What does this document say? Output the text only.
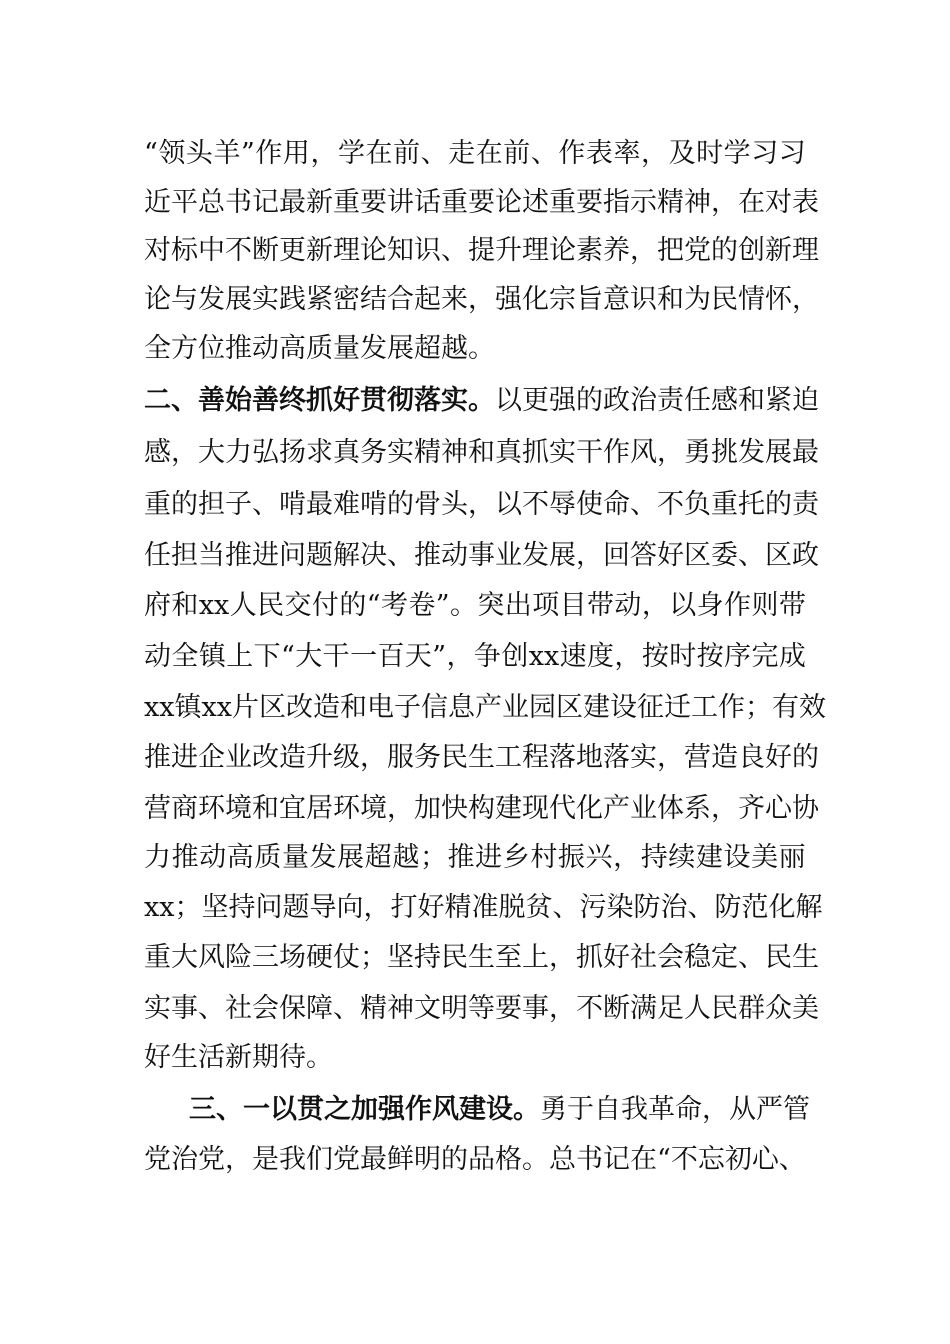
“ 领 头 羊 ” 作 用 ， 学 在 前 、 走 在 前 、 作 表 率 ， 及 时 学 习 习
近 平 总 书 记 最 新 重 要 讲 话 重 要 论 述 重 要 指 示 精 神 ， 在 对 表
对 标 中 不 断 更 新 理 论 知 识 、 提 升 理 论 素 养 ， 把 党 的 创 新 理
论 与 发 展 实 践 紧 密 结 合 起 来 ， 强 化 宗 旨 意 识 和 为 民 情 怀 ，
全 方 位 推 动 高 质 量 发 展 超 越 。
二 、 善 始 善 终 抓 好 贯 彻 落 实 。 以 更 强 的 政 治 责 任 感 和 紧 迫
感 ， 大 力 弘 扬 求 真 务 实 精 神 和 真 抓 实 干 作 风 ， 勇 挑 发 展 最
重 的 担 子 、 啃 最 难 啃 的 骨 头 ， 以 不 辱 使 命 、 不 负 重 托 的 责
任 担 当 推 进 问 题 解 决 、 推 动 事 业 发 展 ， 回 答 好 区 委 、 区 政
府 和 xx 人 民 交 付 的 “ 考 卷 ” 。 突 出 项 目 带 动 ， 以 身 作 则 带
动 全 镇 上 下 “ 大 干 一 百 天 ” ， 争 创 xx 速 度 ， 按 时 按 序 完 成
xx 镇 xx 片 区 改 造 和 电 子 信 息 产 业 园 区 建 设 征 迁 工 作 ； 有 效
推 进 企 业 改 造 升 级 ， 服 务 民 生 工 程 落 地 落 实 ， 营 造 良 好 的
营 商 环 境 和 宜 居 环 境 ， 加 快 构 建 现 代 化 产 业 体 系 ， 齐 心 协
力 推 动 高 质 量 发 展 超 越 ； 推 进 乡 村 振 兴 ， 持 续 建 设 美 丽
xx ； 坚 持 问 题 导 向 ， 打 好 精 准 脱 贫 、 污 染 防 治 、 防 范 化 解
重 大 风 险 三 场 硬 仗 ； 坚 持 民 生 至 上 ， 抓 好 社 会 稳 定 、 民 生
实 事 、 社 会 保 障 、 精 神 文 明 等 要 事 ， 不 断 满 足 人 民 群 众 美
好 生 活 新 期 待 。
三 、 一 以 贯 之 加 强 作 风 建 设 。 勇 于 自 我 革 命 ， 从 严 管
党 治 党 ， 是 我 们 党 最 鲜 明 的 品 格 。 总 书 记 在 “ 不 忘 初 心 、
